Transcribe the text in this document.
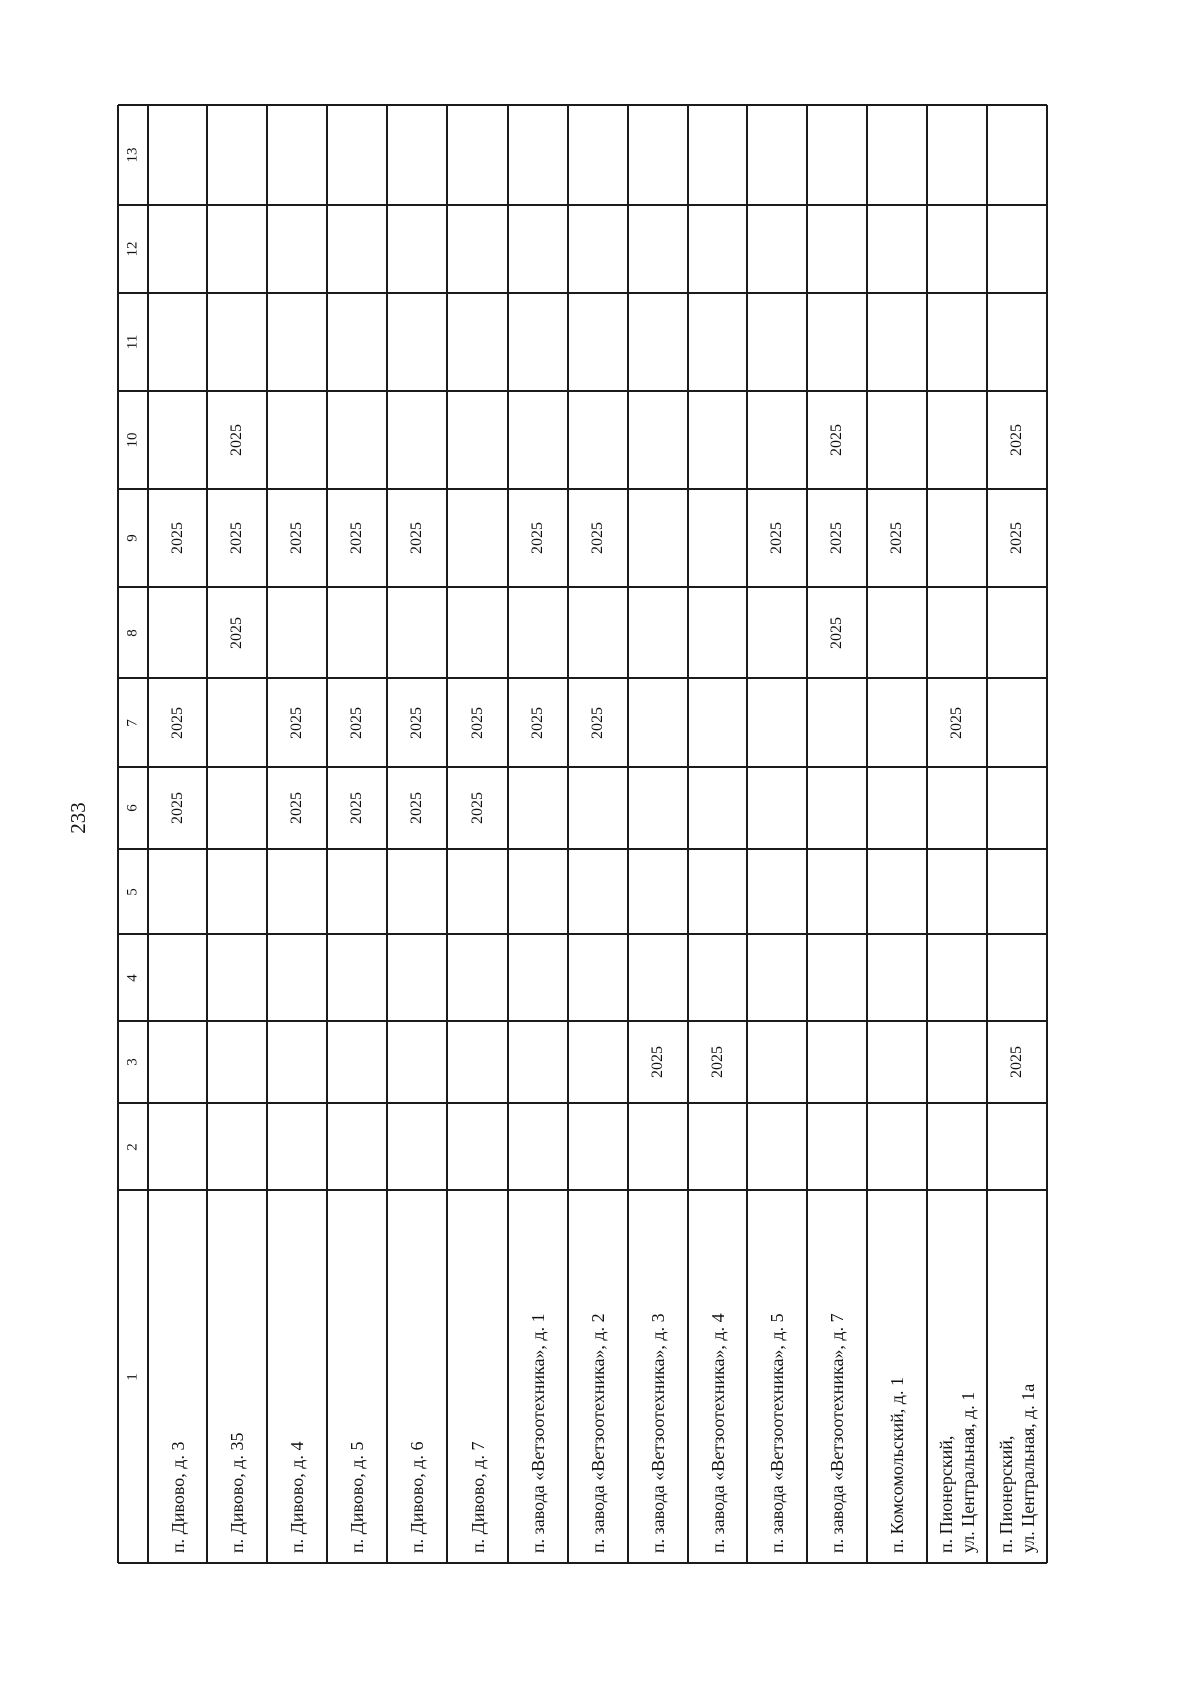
233
1
2
3
4
5
6
7
8
9
10
11
12
13
п. Дивово, д. 3
2025
2025
2025
п. Дивово, д. 35
2025
2025
2025
п. Дивово, д. 4
2025
2025
2025
п. Дивово, д. 5
2025
2025
2025
п. Дивово, д. 6
2025
2025
2025
п. Дивово, д. 7
2025
2025
п. завода «Ветзоотехника», д. 1
2025
2025
п. завода «Ветзоотехника», д. 2
2025
2025
п. завода «Ветзоотехника», д. 3
2025
п. завода «Ветзоотехника», д. 4
2025
п. завода «Ветзоотехника», д. 5
2025
п. завода «Ветзоотехника», д. 7
2025
2025
2025
п. Комсомольский, д. 1
2025
п. Пионерский, ул. Центральная, д. 1
2025
п. Пионерский, ул. Центральная, д. 1а
2025
2025
2025
